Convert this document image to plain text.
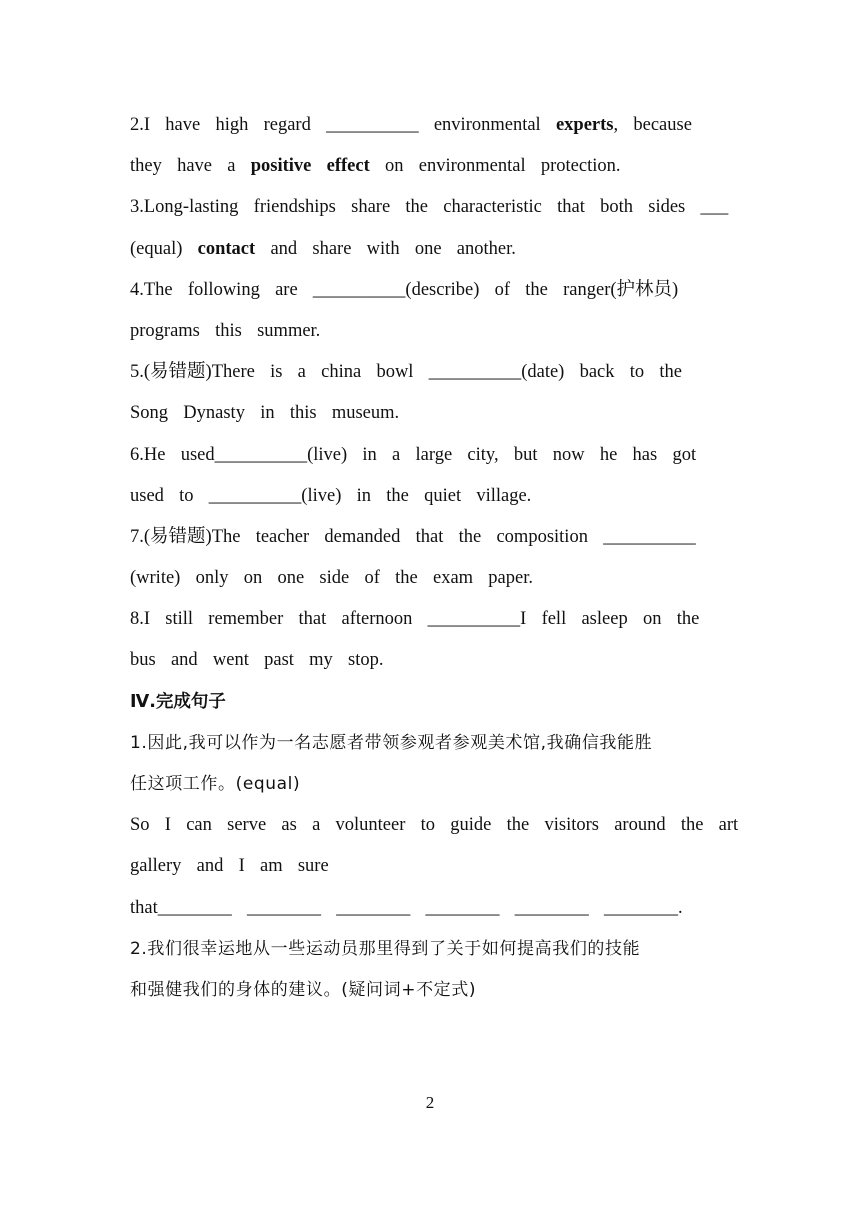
2.I  have  high  regard  __________  environmental  experts,  because
they  have  a  positive  effect  on  environmental  protection.
3.Long-lasting  friendships  share  the  characteristic  that  both  sides  ___
(equal)  contact  and  share  with  one  another.
4.The  following  are  __________(describe)  of  the  ranger(护林员)
programs  this  summer.
5.(易错题)There  is  a  china  bowl  __________(date)  back  to  the
Song  Dynasty  in  this  museum.
6.He  used__________(live)  in  a  large  city,  but  now  he  has  got
used  to  __________(live)  in  the  quiet  village.
7.(易错题)The  teacher  demanded  that  the  composition  __________
(write)  only  on  one  side  of  the  exam  paper.
8.I  still  remember  that  afternoon  __________I  fell  asleep  on  the
bus  and  went  past  my  stop.
Ⅳ.完成句子
1.因此,我可以作为一名志愿者带领参观者参观美术馆,我确信我能胜
任这项工作。(equal)
So  I  can  serve  as  a  volunteer  to  guide  the  visitors  around  the  art
gallery  and  I  am  sure
that________  ________  ________  ________  ________  ________.
2.我们很幸运地从一些运动员那里得到了关于如何提高我们的技能
和强健我们的身体的建议。(疑问词+不定式)
2
